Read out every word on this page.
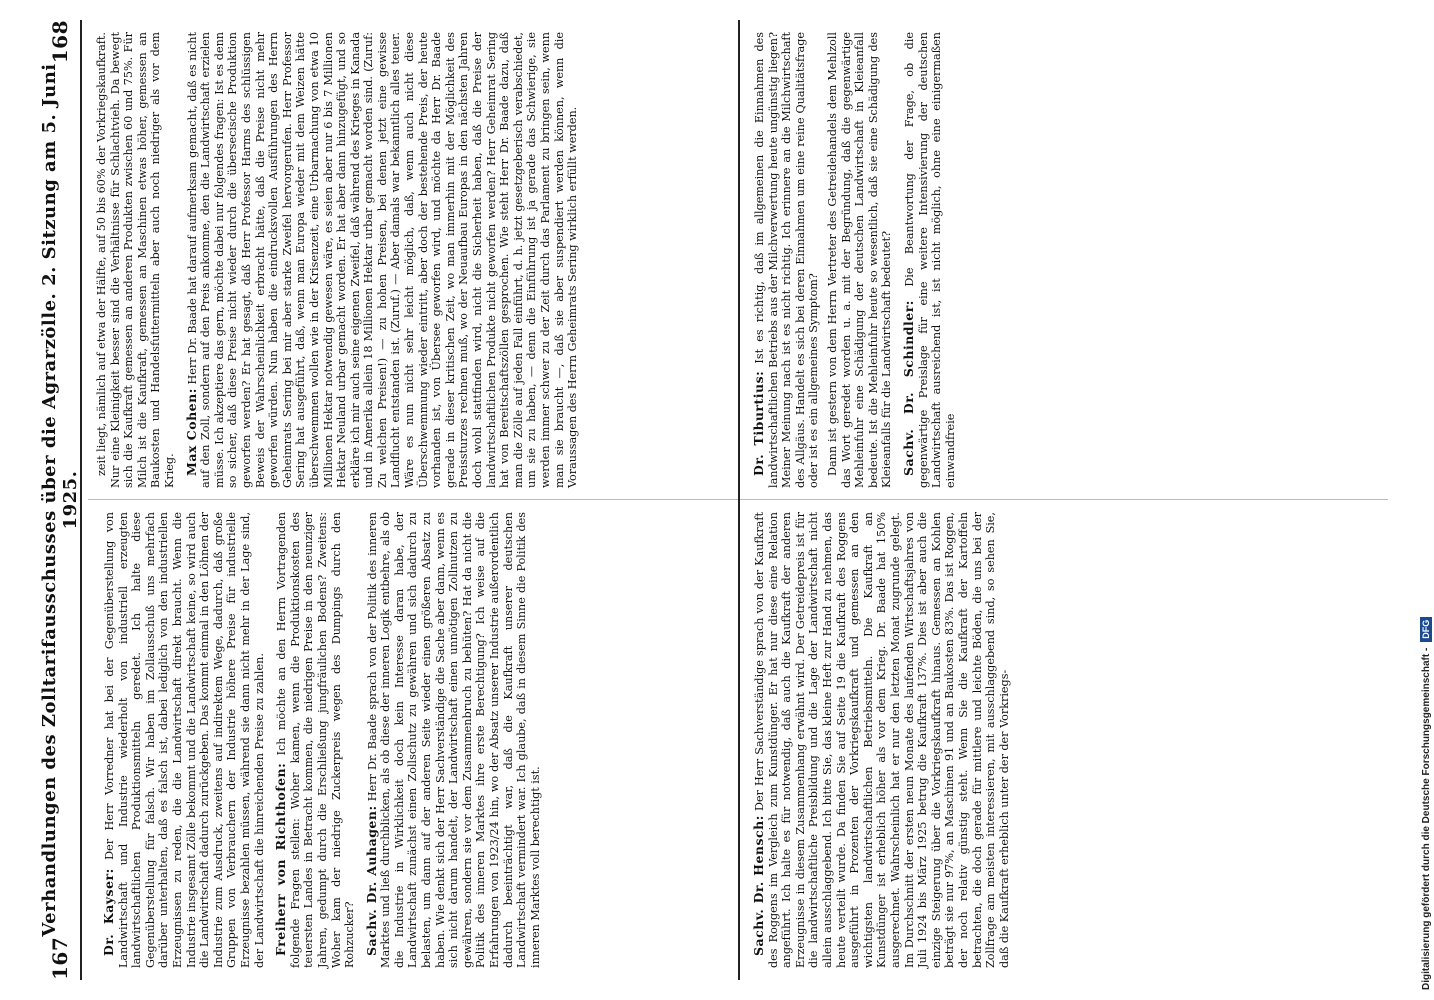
167
Verhandlungen des Zolltarifausschusses über die Agrarzölle. 2. Sitzung am 5. Juni 1925.
168

Dr. Kayser: Der Herr Vorredner hat bei der Gegenüberstellung von Landwirtschaft und Industrie wiederholt von industriell erzeugten landwirtschaftlichen Produktionsmitteln geredet. Ich halte diese Gegenüberstellung für falsch. Wir haben im Zollausschuß uns mehrfach darüber unterhalten, daß es falsch ist, dabei lediglich von den industriellen Erzeugnissen zu reden, die die Landwirtschaft direkt braucht. Wenn die Industrie insgesamt Zölle bekommt und die Landwirtschaft keine, so wird auch die Landwirtschaft dadurch zurückgeben. Das kommt einmal in den Löhnen der Industrie zum Ausdruck, zweitens auf indirektem Wege, dadurch, daß große Gruppen von Verbrauchern der Industrie höhere Preise für industrielle Erzeugnisse bezahlen müssen, während sie dann nicht mehr in der Lage sind, der Landwirtschaft die hinreichenden Preise zu zahlen. Freiherr von Richthofen: Ich möchte an den Herrn Vortragenden folgende Fragen stellen: Woher kamen, wenn die Produktionskosten des teuersten Landes in Betracht kommen, die niedrigen Preise in den neunziger Jahren, gedumpt durch die Erschließung jungfräulichen Bodens? Zweitens: Woher kam der niedrige Zuckerpreis wegen des Dumpings durch den Rohzucker? Sachv. Dr. Auhagen: Herr Dr. Baade sprach von der Politik des inneren Marktes und ließ durchblicken, als ob diese der inneren Logik entbehre, als ob die Industrie in Wirklichkeit doch kein Interesse daran habe, der Landwirtschaft zunächst einen Zollschutz zu gewähren und sich dadurch zu belasten, um dann auf der anderen Seite wieder einen größeren Absatz zu haben. Wie denkt sich der Herr Sachverständige die Sache aber dann, wenn es sich nicht darum handelt, der Landwirtschaft einen unnötigen Zollnutzen zu gewähren, sondern sie vor dem Zusammenbruch zu behüten? Hat da nicht die Politik des inneren Marktes ihre erste Berechtigung? Ich weise auf die Erfahrungen von 1923/24 hin, wo der Absatz unserer Industrie außerordentlich dadurch beeinträchtigt war, daß die Kaufkraft unserer deutschen Landwirtschaft vermindert war. Ich glaube, daß in diesem Sinne die Politik des inneren Marktes voll berechtigt ist.

zeit liegt, nämlich auf etwa der Hälfte, auf 50 bis 60% der Vorkriegskaufkraft. Nur eine Kleinigkeit besser sind die Verhältnisse für Schlachtvieh. Da bewegt sich die Kaufkraft gemessen an anderen Produkten zwischen 60 und 75%. Für Milch ist die Kaufkraft, gemessen an Maschinen etwas höher, gemessen an Baukosten und Handelsfuttermitteln aber auch noch niedriger als vor dem Krieg. Max Cohen: Herr Dr. Baade hat darauf aufmerksam gemacht, daß es nicht auf den Zoll, sondern auf den Preis ankomme, den die Landwirtschaft erzielen müsse. Ich akzeptiere das gern, möchte dabei nur folgendes fragen: Ist es denn so sicher, daß diese Preise nicht wieder durch die übersecische Produktion geworfen werden? Er hat gesagt, daß Herr Professor Harms des schlüssigen Beweis der Wahrscheinlichkeit erbracht hätte, daß die Preise nicht mehr geworfen würden. Nun haben die eindrucksvollen Ausführungen des Herrn Geheimrats Sering bei mir aber starke Zweifel hervorgerufen. Herr Professor Sering hat ausgeführt, daß, wenn man Europa wieder mit dem Weizen hätte überschwemmen wollen wie in der Krisenzeit, eine Urbarmachung von etwa 10 Millionen Hektar notwendig gewesen wäre, es seien aber nur 6 bis 7 Millionen Hektar Neuland urbar gemacht worden. Er hat aber dann hinzugefügt, und so erkläre ich mir auch seine eigenen Zweifel, daß während des Krieges in Kanada und in Amerika allein 18 Millionen Hektar urbar gemacht worden sind. (Zuruf: Zu welchen Preisen!) — zu hohen Preisen, bei denen jetzt eine gewisse Landflucht entstanden ist. (Zuruf.) — Aber damals war bekanntlich alles teuer. Wäre es nun nicht sehr leicht möglich, daß, wenn auch nicht diese Überschwemmung wieder eintritt, aber doch der bestehende Preis, der heute vorhanden ist, von Übersee geworfen wird, und möchte da Herr Dr. Baade gerade in dieser kritischen Zeit, wo man immerhin mit der Möglichkeit des Preissturzes rechnen muß, wo der Neuaufbau Europas in den nächsten Jahren doch wohl stattfinden wird, nicht die Sicherheit haben, daß die Preise der landwirtschaftlichen Produkte nicht geworfen werden? Herr Geheimrat Sering hat von Bereitschaftszöllen gesprochen. Wie steht Herr Dr. Baade dazu, daß man die Zölle auf jeden Fall einführt, d. h. jetzt gesetzgeberisch verabschiedet, um sie zu haben, — denn die Einführung ist ja gerade das Schwierige, sie werden immer schwer zu der Zeit durch das Parlament zu bringen sein, wenn man sie braucht —, daß sie aber suspendiert werden können, wenn die Voraussagen des Herrn Geheimrats Sering wirklich erfüllt werden.

Sachv. Dr. Hensch: Der Herr Sachverständige sprach von der Kaufkraft des Roggens im Vergleich zum Kunstdünger. Er hat nur diese eine Relation angeführt. Ich halte es für notwendig, daß auch die Kaufkraft der anderen Erzeugnisse in diesem Zusammenhang erwähnt wird. Der Getreidepreis ist für die landwirtschaftliche Preisbildung und die Lage der Landwirtschaft nicht allein ausschlaggebend. Ich bitte Sie, das kleine Heft zur Hand zu nehmen, das heute verteilt wurde. Da finden Sie auf Seite 19 die Kaufkraft des Roggens ausgeführt in Prozenten der Vorkriegskaufkraft und gemessen an den wichtigsten landwirtschaftlichen Betriebsmitteln. Die Kaufkraft an Kunstdünger ist erheblich höher als vor dem Krieg. Dr. Baade hat 150% ausgerechnet. Wahrscheinlich hat er nur den letzten Monat zugrunde gelegt. Im Durchschnitt der ersten neun Monate des laufenden Wirtschaftsjahres von Juli 1924 bis März 1925 betrug die Kaufkraft 137%. Dies ist aber auch die einzige Steigerung über die Vorkriegskaufkraft hinaus. Gemessen an Kohlen beträgt sie nur 97%, an Maschinen 91 und an Baukosten 83%. Das ist Roggen, der noch relativ günstig steht. Wenn Sie die Kaufkraft der Kartoffeln betrachten, die doch gerade für mittlere und leichte Böden, die uns bei der Zollfrage am meisten interessieren, mit ausschlaggebend sind, so sehen Sie, daß die Kaufkraft erheblich unter der der Vorkriegs-

Dr. Tiburtius: Ist es richtig, daß im allgemeinen die Einnahmen des landwirtschaftlichen Betriebs aus der Milchverwertung heute ungünstig liegen? Meiner Meinung nach ist es nicht richtig. Ich erinnere an die Milchwirtschaft des Allgäus. Handelt es sich bei deren Einnahmen um eine reine Qualitätsfrage oder ist es ein allgemeines Symptom? Dann ist gestern von dem Herrn Vertreter des Getreidehandels dem Mehlzoll das Wort geredet worden u. a. mit der Begründung, daß die gegenwärtige Mehleinfuhr eine Schädigung der deutschen Landwirtschaft in Kleieanfall bedeute. Ist die Mehleinfuhr heute so wesentlich, daß sie eine Schädigung des Kleieanfalls für die Landwirtschaft bedeutet? Sachv. Dr. Schindler: Die Beantwortung der Frage, ob die gegenwärtige Preislage für eine weitere Intensivierung der deutschen Landwirtschaft ausreichend ist, ist nicht möglich, ohne eine einigermaßen einwandfreie

Digitalisierung gefördert durch die Deutsche Forschungsgemeinschaft -
DFG
